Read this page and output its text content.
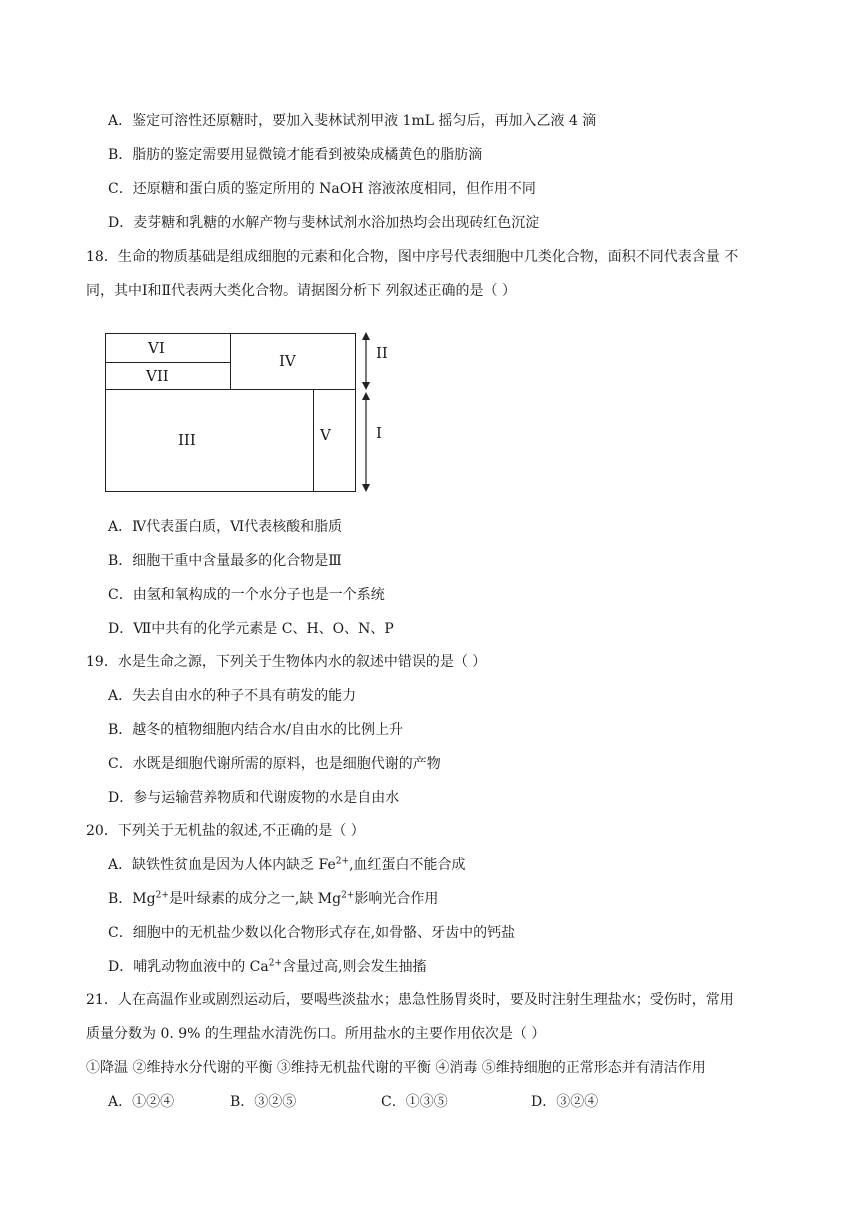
A．鉴定可溶性还原糖时，要加入斐林试剂甲液 1mL 摇匀后，再加入乙液 4 滴
B．脂肪的鉴定需要用显微镜才能看到被染成橘黄色的脂肪滴
C．还原糖和蛋白质的鉴定所用的 NaOH 溶液浓度相同，但作用不同
D．麦芽糖和乳糖的水解产物与斐林试剂水浴加热均会出现砖红色沉淀
18．生命的物质基础是组成细胞的元素和化合物，图中序号代表细胞中几类化合物，面积不同代表含量 不
同，其中Ⅰ和Ⅱ代表两大类化合物。请据图分析下 列叙述正确的是（ ）
VI
VII
IV
III	V
II
I
A．Ⅳ代表蛋白质，Ⅵ代表核酸和脂质
B．细胞干重中含量最多的化合物是Ⅲ
C．由氢和氧构成的一个水分子也是一个系统
D．Ⅶ中共有的化学元素是 C、H、O、N、P
19．水是生命之源，下列关于生物体内水的叙述中错误的是（ ）
A．失去自由水的种子不具有萌发的能力
B．越冬的植物细胞内结合水/自由水的比例上升
C．水既是细胞代谢所需的原料，也是细胞代谢的产物
D．参与运输营养物质和代谢废物的水是自由水
20．下列关于无机盐的叙述,不正确的是（ ）
A．缺铁性贫血是因为人体内缺乏 $Fe^{2+}$,血红蛋白不能合成
B．$Mg^{2+}$是叶绿素的成分之一,缺 $Mg^{2+}$影响光合作用
C．细胞中的无机盐少数以化合物形式存在,如骨骼、牙齿中的钙盐
D．哺乳动物血液中的 $Ca^{2+}$含量过高,则会发生抽搐
21．人在高温作业或剧烈运动后，要喝些淡盐水；患急性肠胃炎时，要及时注射生理盐水；受伤时，常用
质量分数为 0. 9% 的生理盐水清洗伤口。所用盐水的主要作用依次是（ ）
①降温 ②维持水分代谢的平衡 ③维持无机盐代谢的平衡 ④消毒 ⑤维持细胞的正常形态并有清洁作用
A．①②④	B．③②⑤	C．①③⑤	D．③②④
